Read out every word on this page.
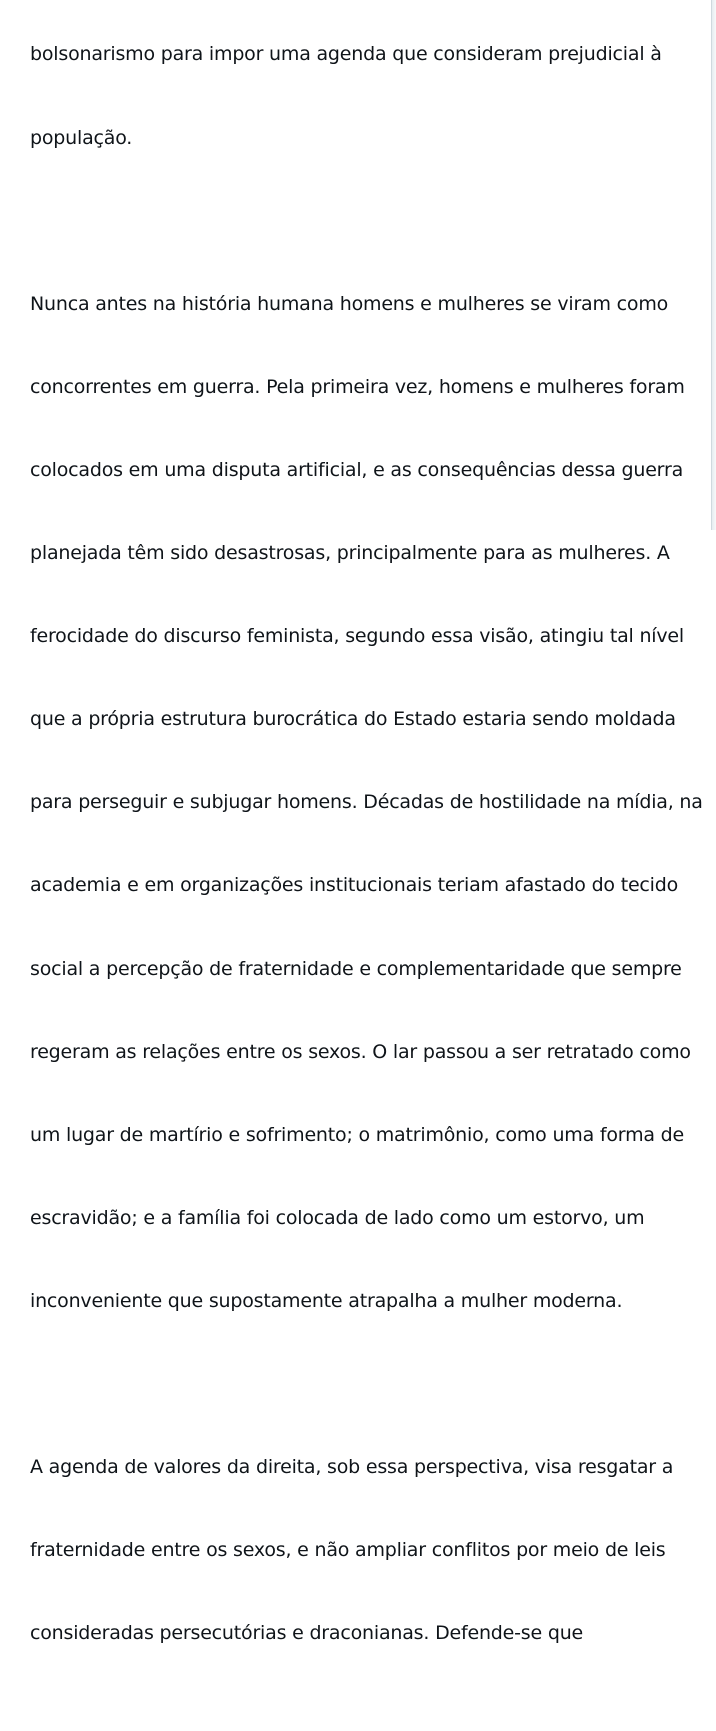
bolsonarismo para impor uma agenda que consideram prejudicial à

população.

Nunca antes na história humana homens e mulheres se viram como

concorrentes em guerra. Pela primeira vez, homens e mulheres foram

colocados em uma disputa artificial, e as consequências dessa guerra

planejada têm sido desastrosas, principalmente para as mulheres. A

ferocidade do discurso feminista, segundo essa visão, atingiu tal nível

que a própria estrutura burocrática do Estado estaria sendo moldada

para perseguir e subjugar homens. Décadas de hostilidade na mídia, na

academia e em organizações institucionais teriam afastado do tecido

social a percepção de fraternidade e complementaridade que sempre

regeram as relações entre os sexos. O lar passou a ser retratado como

um lugar de martírio e sofrimento; o matrimônio, como uma forma de

escravidão; e a família foi colocada de lado como um estorvo, um

inconveniente que supostamente atrapalha a mulher moderna.

A agenda de valores da direita, sob essa perspectiva, visa resgatar a

fraternidade entre os sexos, e não ampliar conflitos por meio de leis

consideradas persecutórias e draconianas. Defende-se que
